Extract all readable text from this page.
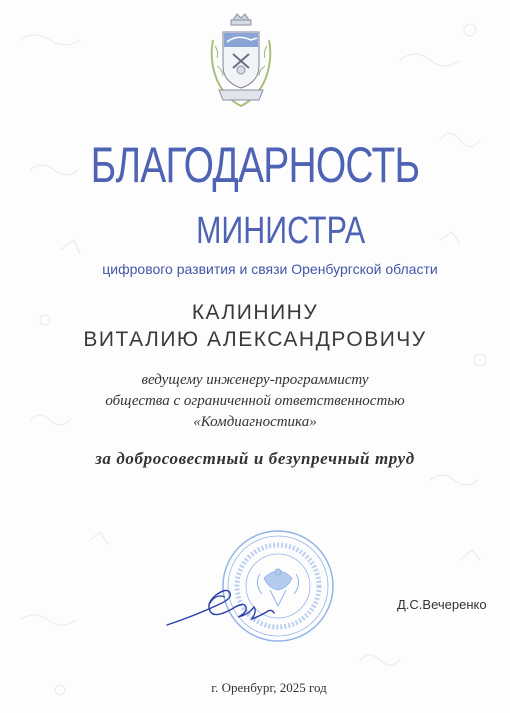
БЛАГОДАРНОСТЬ
МИНИСТРА
цифрового развития и связи Оренбургской области
КАЛИНИНУ
ВИТАЛИЮ АЛЕКСАНДРОВИЧУ
ведущему инженеру-программисту
общества с ограниченной ответственностью
«Комдиагностика»
за добросовестный и безупречный труд
Д.С.Вечеренко
г. Оренбург, 2025 год
